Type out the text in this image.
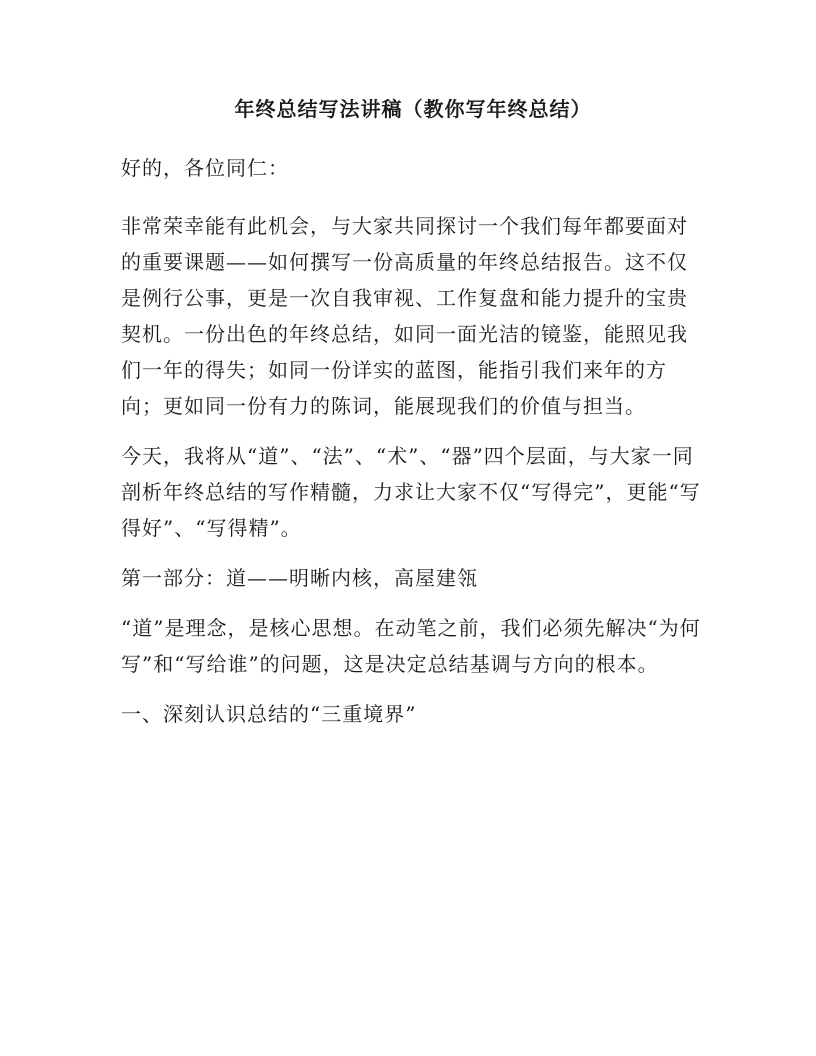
年终总结写法讲稿（教你写年终总结）

好的，各位同仁：

非常荣幸能有此机会，与大家共同探讨一个我们每年都要面对的重要课题——如何撰写一份高质量的年终总结报告。这不仅是例行公事，更是一次自我审视、工作复盘和能力提升的宝贵契机。一份出色的年终总结，如同一面光洁的镜鉴，能照见我们一年的得失；如同一份详实的蓝图，能指引我们来年的方向；更如同一份有力的陈词，能展现我们的价值与担当。

今天，我将从“道”、“法”、“术”、“器”四个层面，与大家一同剖析年终总结的写作精髓，力求让大家不仅“写得完”，更能“写得好”、“写得精”。

第一部分：道——明晰内核，高屋建瓴

“道”是理念，是核心思想。在动笔之前，我们必须先解决“为何写”和“写给谁”的问题，这是决定总结基调与方向的根本。

一、深刻认识总结的“三重境界”
